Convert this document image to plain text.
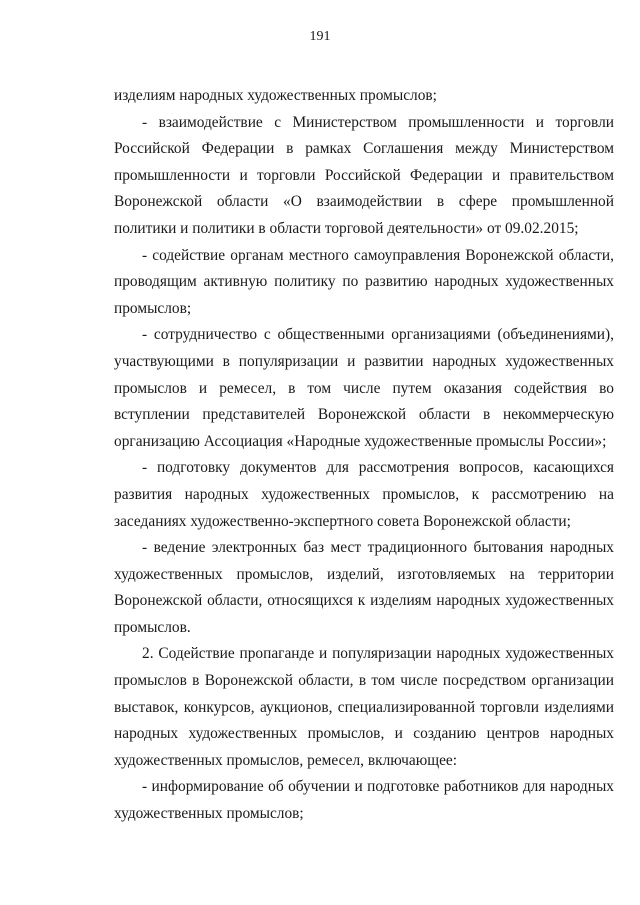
191

изделиям народных художественных промыслов;

- взаимодействие с Министерством промышленности и торговли Российской Федерации в рамках Соглашения между Министерством промышленности и торговли Российской Федерации и правительством Воронежской области «О взаимодействии в сфере промышленной политики и политики в области торговой деятельности» от 09.02.2015;

- содействие органам местного самоуправления Воронежской области, проводящим активную политику по развитию народных художественных промыслов;

- сотрудничество с общественными организациями (объединениями), участвующими в популяризации и развитии народных художественных промыслов и ремесел, в том числе путем оказания содействия во вступлении представителей Воронежской области в некоммерческую организацию Ассоциация «Народные художественные промыслы России»;

- подготовку документов для рассмотрения вопросов, касающихся развития народных художественных промыслов, к рассмотрению на заседаниях художественно-экспертного совета Воронежской области;

- ведение электронных баз мест традиционного бытования народных художественных промыслов, изделий, изготовляемых на территории Воронежской области, относящихся к изделиям народных художественных промыслов.

2. Содействие пропаганде и популяризации народных художественных промыслов в Воронежской области, в том числе посредством организации выставок, конкурсов, аукционов, специализированной торговли изделиями народных художественных промыслов, и созданию центров народных художественных промыслов, ремесел, включающее:

- информирование об обучении и подготовке работников для народных художественных промыслов;
